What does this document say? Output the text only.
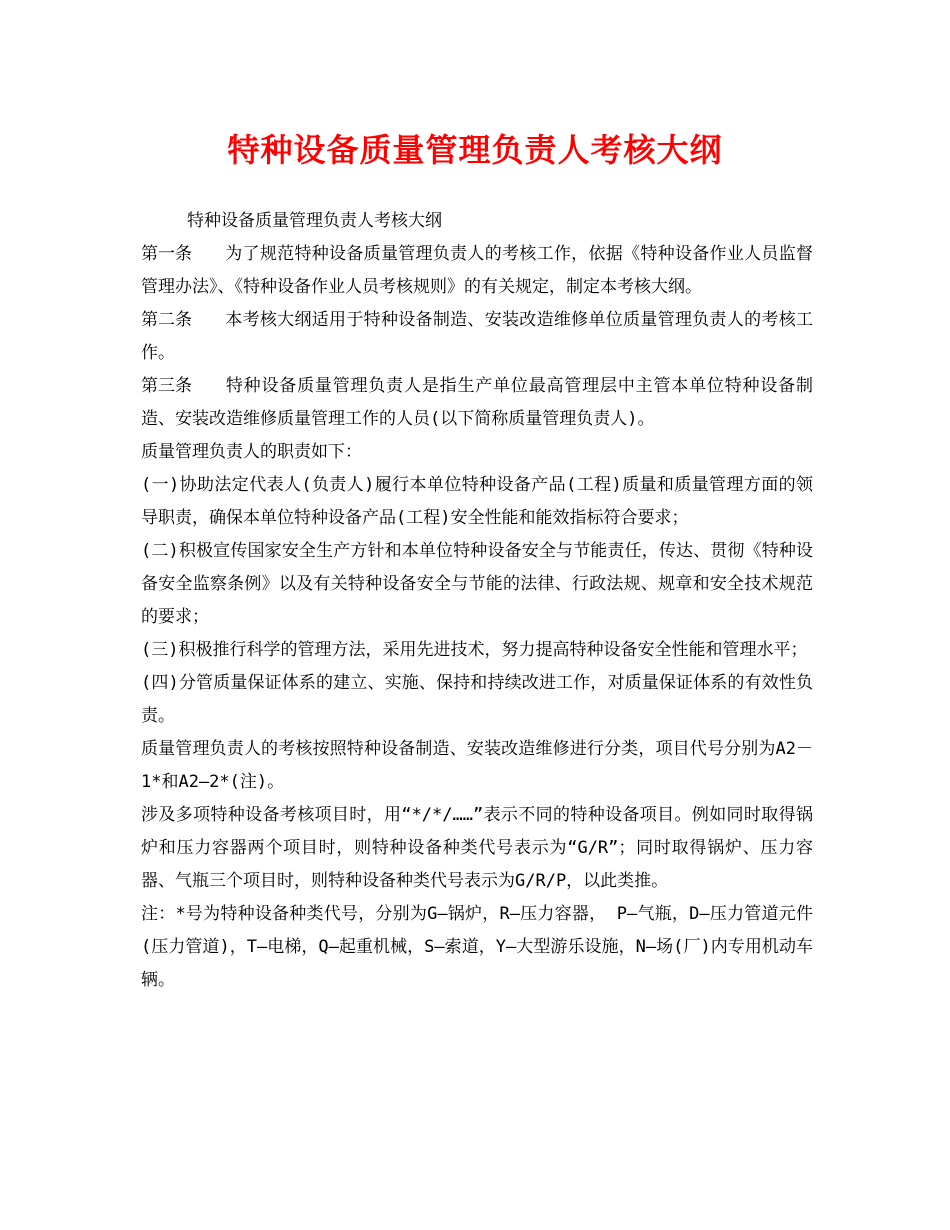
特种设备质量管理负责人考核大纲

特种设备质量管理负责人考核大纲

第一条 为了规范特种设备质量管理负责人的考核工作，依据《特种设备作业人员监督管理办法》、《特种设备作业人员考核规则》的有关规定，制定本考核大纲。

第二条 本考核大纲适用于特种设备制造、安装改造维修单位质量管理负责人的考核工作。

第三条 特种设备质量管理负责人是指生产单位最高管理层中主管本单位特种设备制造、安装改造维修质量管理工作的人员(以下简称质量管理负责人)。

质量管理负责人的职责如下：

(一)协助法定代表人(负责人)履行本单位特种设备产品(工程)质量和质量管理方面的领导职责，确保本单位特种设备产品(工程)安全性能和能效指标符合要求；

(二)积极宣传国家安全生产方针和本单位特种设备安全与节能责任，传达、贯彻《特种设备安全监察条例》以及有关特种设备安全与节能的法律、行政法规、规章和安全技术规范的要求；

(三)积极推行科学的管理方法，采用先进技术，努力提高特种设备安全性能和管理水平；

(四)分管质量保证体系的建立、实施、保持和持续改进工作，对质量保证体系的有效性负责。

质量管理负责人的考核按照特种设备制造、安装改造维修进行分类，项目代号分别为A2－1*和A2—2*(注)。

涉及多项特种设备考核项目时，用“*/*/……”表示不同的特种设备项目。例如同时取得锅炉和压力容器两个项目时，则特种设备种类代号表示为“G/R”；同时取得锅炉、压力容器、气瓶三个项目时，则特种设备种类代号表示为G/R/P，以此类推。

注：*号为特种设备种类代号，分别为G—锅炉，R—压力容器， P—气瓶，D—压力管道元件(压力管道)，T—电梯，Q—起重机械，S—索道，Y—大型游乐设施，N—场(厂)内专用机动车辆。
